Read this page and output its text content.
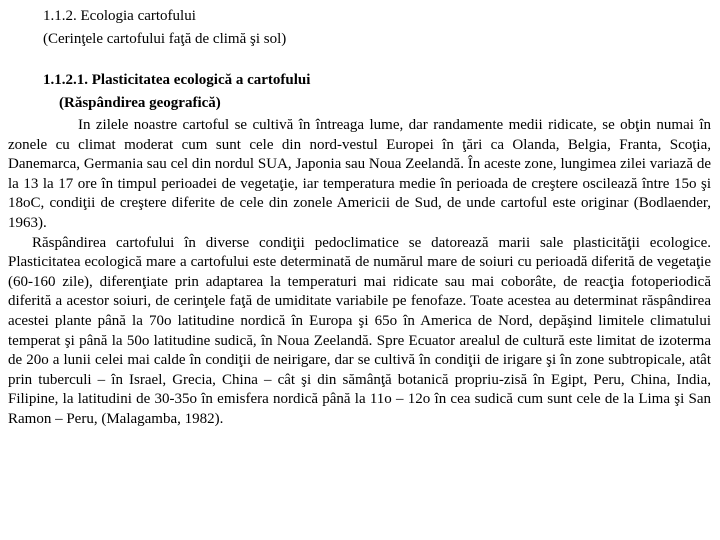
1.1.2. Ecologia cartofului
(Cerinţele cartofului faţă de climă şi sol)
1.1.2.1. Plasticitatea ecologică a cartofului
(Răspândirea geografică)

In zilele noastre cartoful se cultivă în întreaga lume, dar randamente medii ridicate, se obţin numai în zonele cu climat moderat cum sunt cele din nord-vestul Europei în ţări ca Olanda, Belgia, Franta, Scoţia, Danemarca, Germania sau cel din nordul SUA, Japonia sau Noua Zeelandă. În aceste zone, lungimea zilei variază de la 13 la 17 ore în timpul perioadei de vegetaţie, iar temperatura medie în perioada de creştere oscilează între 15o şi 18oC, condiţii de creştere diferite de cele din zonele Americii de Sud, de unde cartoful este originar (Bodlaender, 1963).

Răspândirea cartofului în diverse condiţii pedoclimatice se datorează marii sale plasticităţii ecologice. Plasticitatea ecologică mare a cartofului este determinată de numărul mare de soiuri cu perioadă diferită de vegetaţie (60-160 zile), diferenţiate prin adaptarea la temperaturi mai ridicate sau mai coborâte, de reacţia fotoperiodică diferită a acestor soiuri, de cerinţele faţă de umiditate variabile pe fenofaze. Toate acestea au determinat răspândirea acestei plante până la 70o latitudine nordică în Europa şi 65o în America de Nord, depăşind limitele climatului temperat şi până la 50o latitudine sudică, în Noua Zeelandă. Spre Ecuator arealul de cultură este limitat de izoterma de 20o a lunii celei mai calde în condiţii de neirigare, dar se cultivă în condiţii de irigare şi în zone subtropicale, atât prin tuberculi – în Israel, Grecia, China – cât şi din sămânţă botanică propriu-zisă în Egipt, Peru, China, India, Filipine, la latitudini de 30-35o în emisfera nordică până la 11o – 12o în cea sudică cum sunt cele de la Lima şi San Ramon – Peru, (Malagamba, 1982).
